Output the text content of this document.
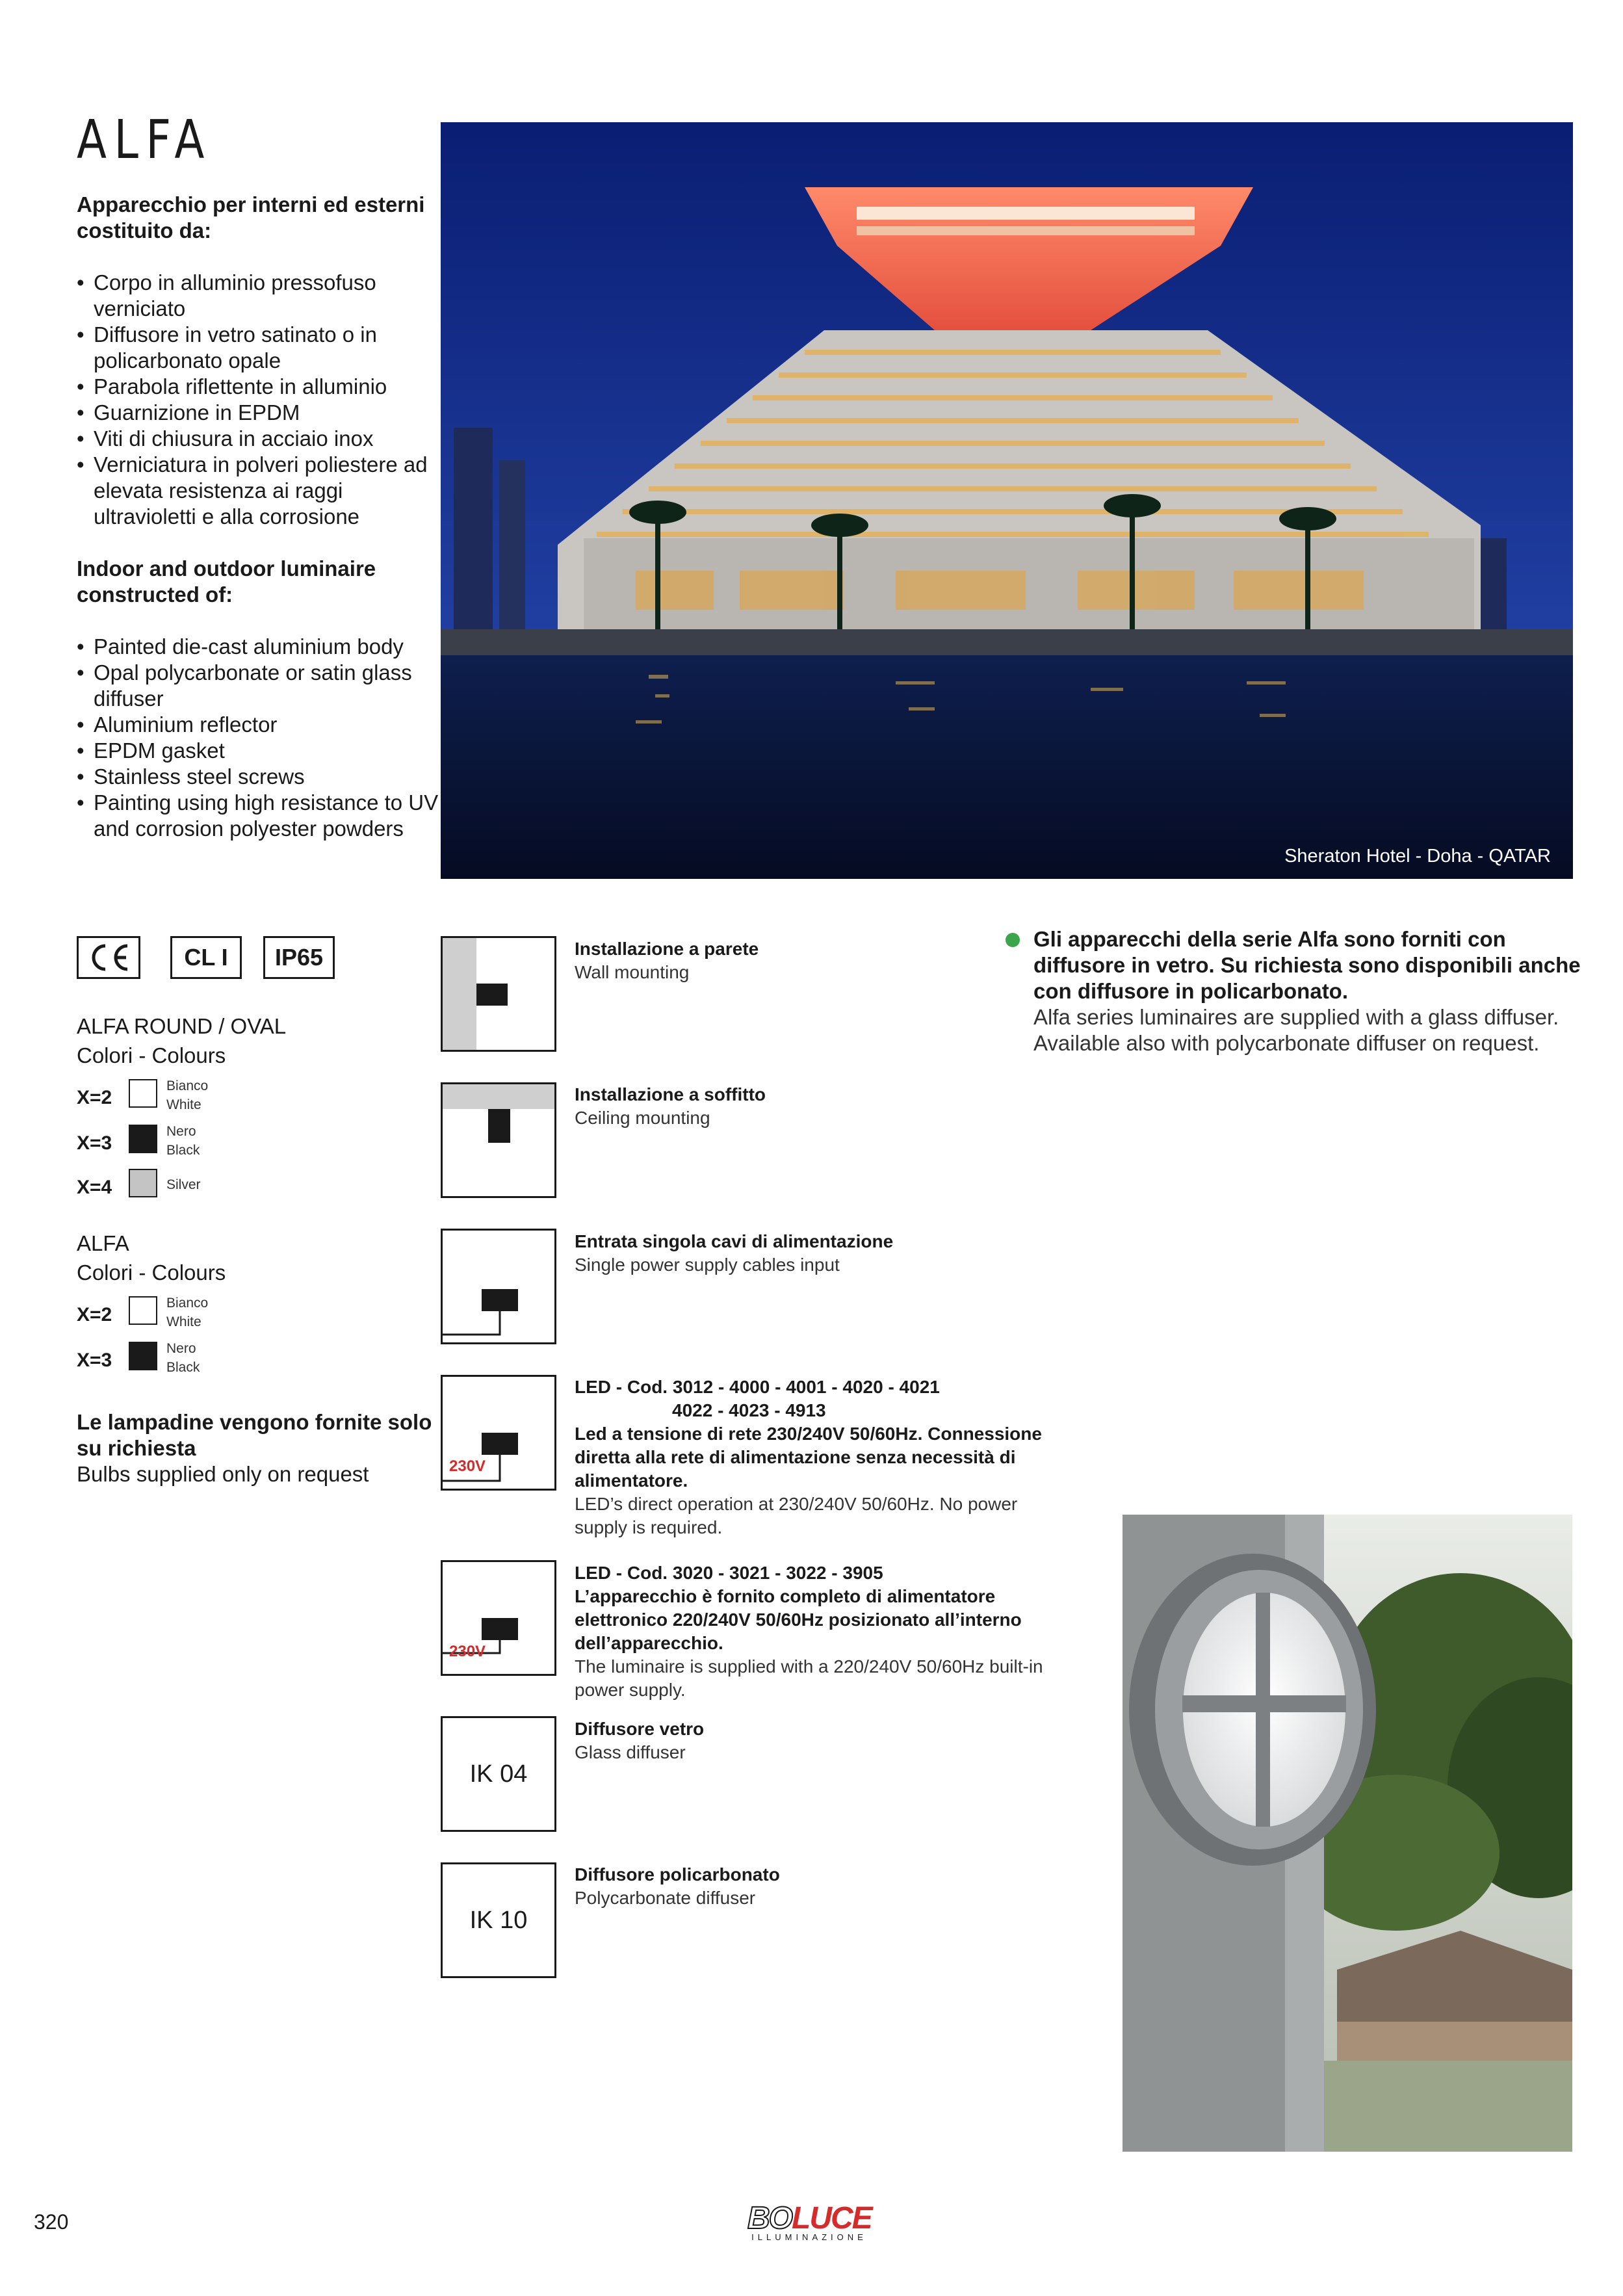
ALFA

Apparecchio per interni ed esterni costituito da:

• Corpo in alluminio pressofuso verniciato
• Diffusore in vetro satinato o in policarbonato opale
• Parabola riflettente in alluminio
• Guarnizione in EPDM
• Viti di chiusura in acciaio inox
• Verniciatura in polveri poliestere ad elevata resistenza ai raggi ultravioletti e alla corrosione

Indoor and outdoor luminaire constructed of:

• Painted die-cast aluminium body
• Opal polycarbonate or satin glass diffuser
• Aluminium reflector
• EPDM gasket
• Stainless steel screws
• Painting using high resistance to UV and corrosion polyester powders
Sheraton Hotel - Doha - QATAR
CL I	IP65
ALFA ROUND / OVAL
Colori - Colours
X=2
Bianco
White
X=3
Nero
Black
X=4	Silver
ALFA
Colori - Colours
X=2
Bianco
White
X=3
Nero
Black
Le lampadine vengono fornite solo su richiesta
Bulbs supplied only on request
Installazione a parete
Wall mounting
Installazione a soffitto
Ceiling mounting
Entrata singola cavi di alimentazione
Single power supply cables input
230V
LED - Cod. 3012 - 4000 - 4001 - 4020 - 4021
4022 - 4023 - 4913
Led a tensione di rete 230/240V 50/60Hz. Connessione diretta alla rete di alimentazione senza necessità di alimentatore.
LED’s direct operation at 230/240V 50/60Hz. No power supply is required.
230V
LED - Cod. 3020 - 3021 - 3022 - 3905
L’apparecchio è fornito completo di alimentatore elettronico 220/240V 50/60Hz posizionato all’interno dell’apparecchio.
The luminaire is supplied with a 220/240V 50/60Hz built-in power supply.
IK 04
Diffusore vetro
Glass diffuser
IK 10
Diffusore policarbonato
Polycarbonate diffuser
Gli apparecchi della serie Alfa sono forniti con diffusore in vetro. Su richiesta sono disponibili anche con diffusore in policarbonato.
Alfa series luminaires are supplied with a glass diffuser. Available also with polycarbonate diffuser on request.
320	BOLUCE
ILLUMINAZIONE
